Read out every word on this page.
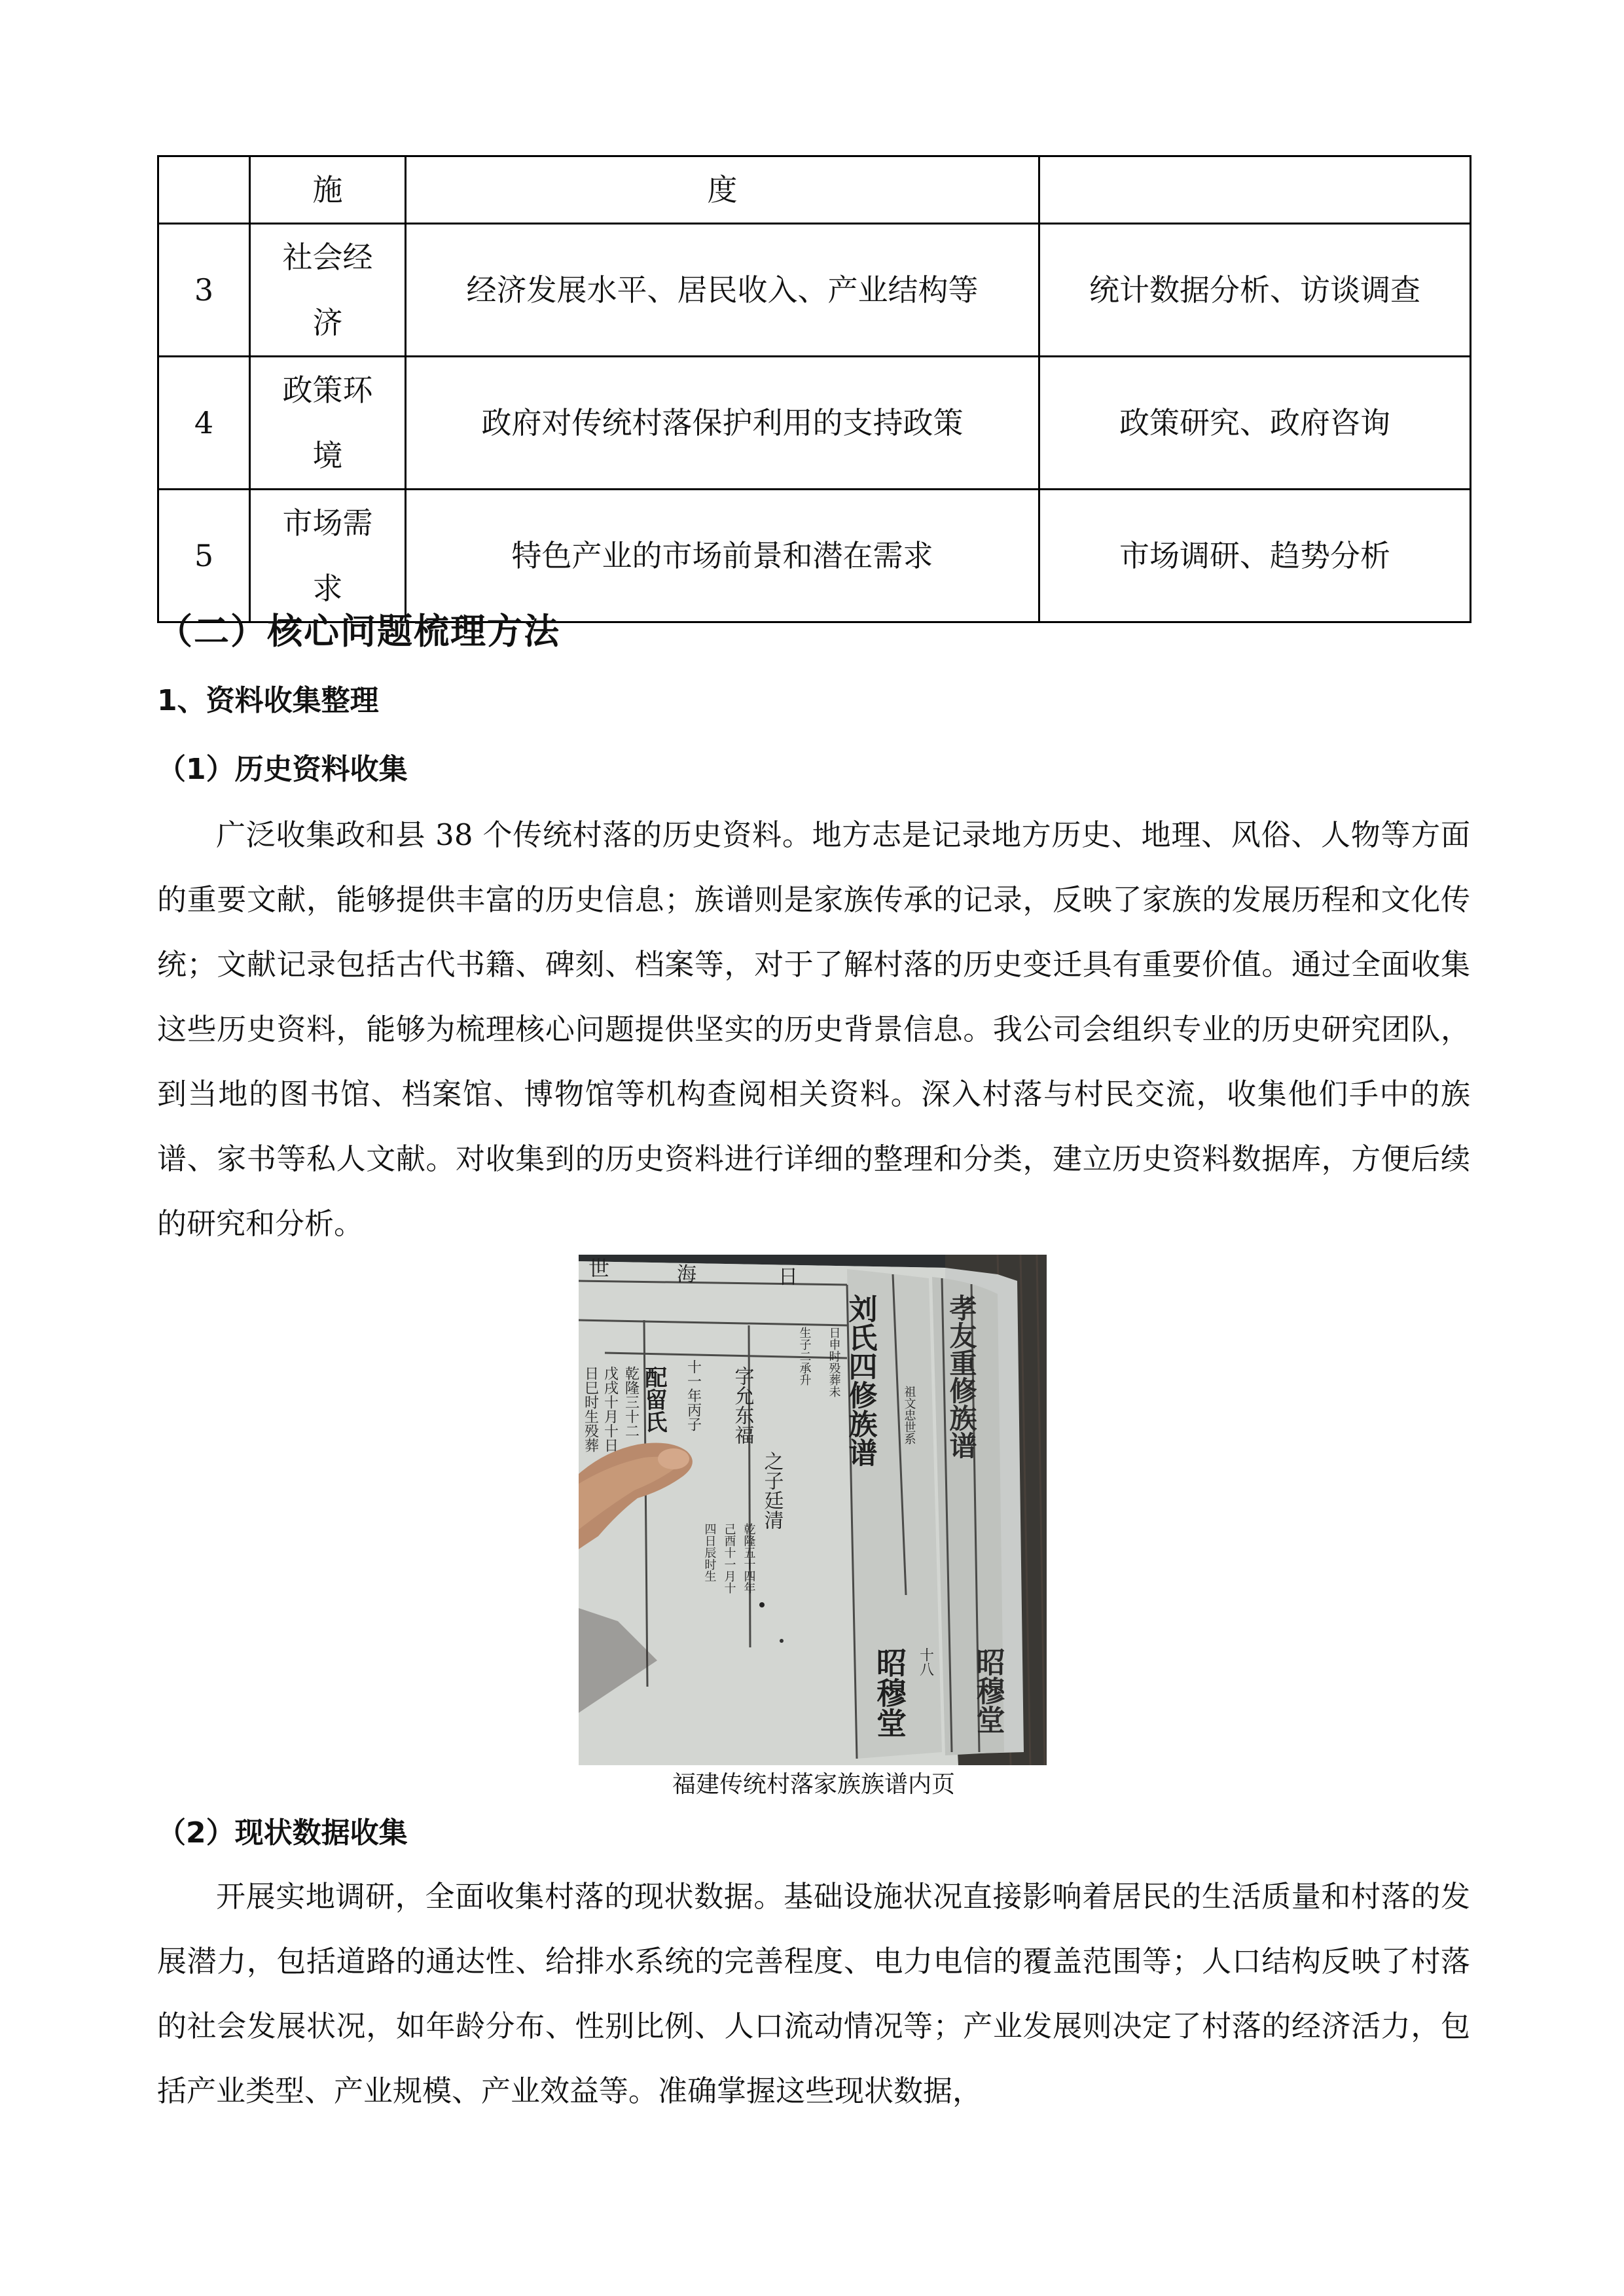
	施	度	
3	社会经济	经济发展水平、居民收入、产业结构等	统计数据分析、访谈调查
4	政策环境	政府对传统村落保护利用的支持政策	政策研究、政府咨询
5	市场需求	特色产业的市场前景和潜在需求	市场调研、趋势分析
（二）核心问题梳理方法
1、资料收集整理
（1）历史资料收集

广泛收集政和县 38 个传统村落的历史资料。地方志是记录地方历史、地理、风俗、人物等方面的重要文献，能够提供丰富的历史信息；族谱则是家族传承的记录，反映了家族的发展历程和文化传统；文献记录包括古代书籍、碑刻、档案等，对于了解村落的历史变迁具有重要价值。通过全面收集这些历史资料，能够为梳理核心问题提供坚实的历史背景信息。我公司会组织专业的历史研究团队，到当地的图书馆、档案馆、博物馆等机构查阅相关资料。深入村落与村民交流，收集他们手中的族谱、家书等私人文献。对收集到的历史资料进行详细的整理和分类，建立历史资料数据库，方便后续的研究和分析。

世	海	日
刘氏四修族谱	孝友重修族谱
昭穆堂 昭穆堂
十八
祖文忠世系
日申时殁葬未
生子二承升
字允东福
之子廷清
乾隆五十四年
己酉十一月十
四日辰时生
十一年丙子
配留氏
乾隆三十二
戊戌十月十日
日巳时生殁葬
福建传统村落家族族谱内页
（2）现状数据收集

开展实地调研，全面收集村落的现状数据。基础设施状况直接影响着居民的生活质量和村落的发展潜力，包括道路的通达性、给排水系统的完善程度、电力电信的覆盖范围等；人口结构反映了村落的社会发展状况，如年龄分布、性别比例、人口流动情况等；产业发展则决定了村落的经济活力，包括产业类型、产业规模、产业效益等。准确掌握这些现状数据，
